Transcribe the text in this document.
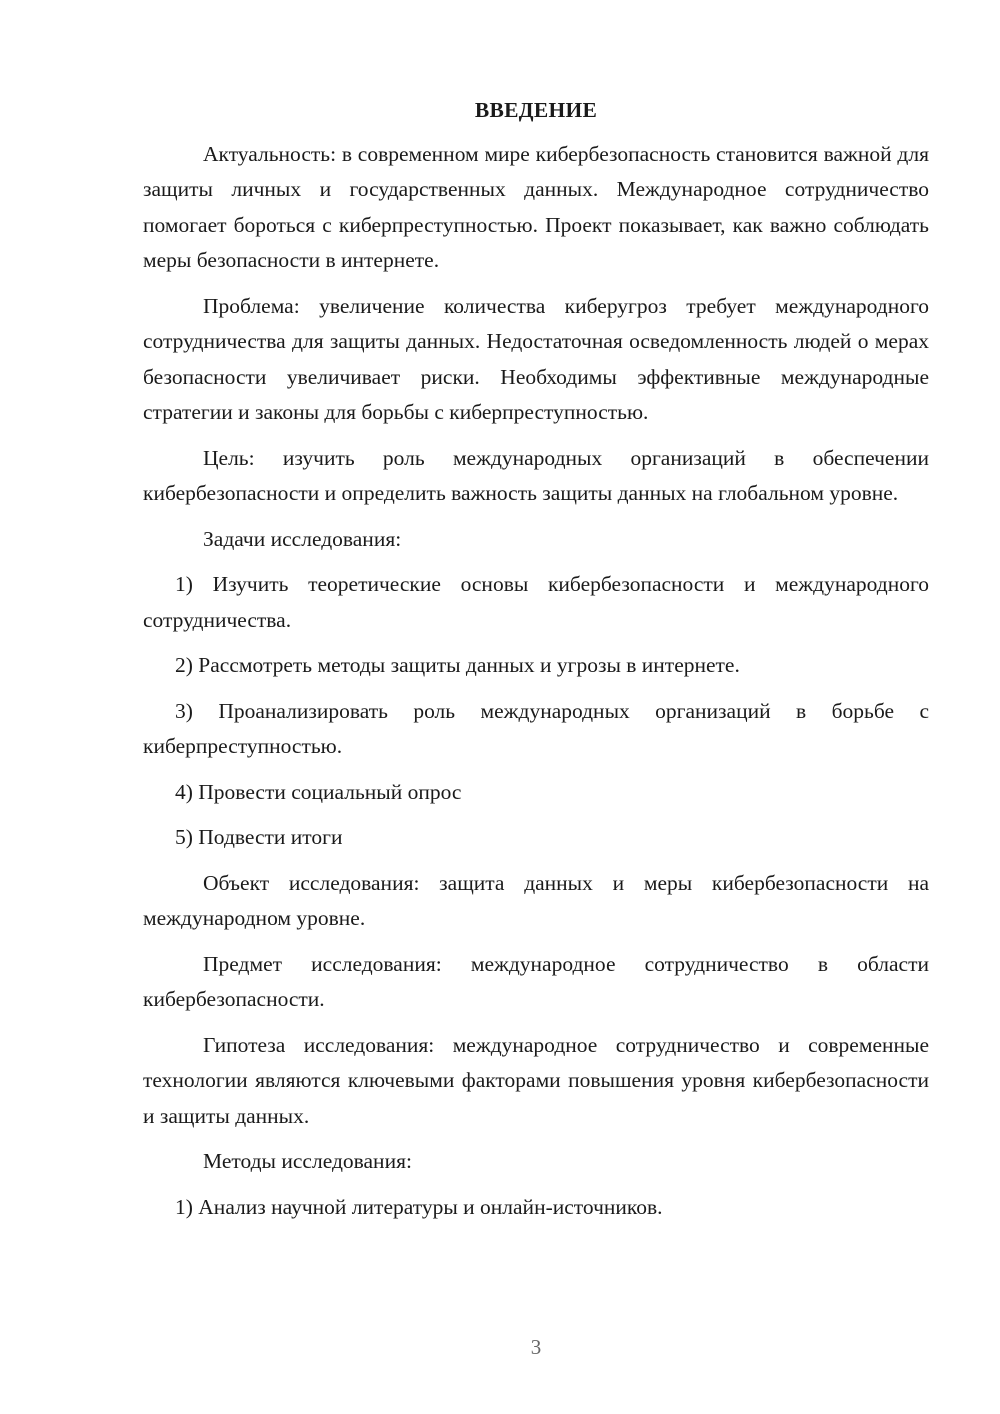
ВВЕДЕНИЕ

Актуальность: в современном мире кибербезопасность становится важной для защиты личных и государственных данных. Международное сотрудничество помогает бороться с киберпреступностью. Проект показывает, как важно соблюдать меры безопасности в интернете.

Проблема: увеличение количества киберугроз требует международного сотрудничества для защиты данных. Недостаточная осведомленность людей о мерах безопасности увеличивает риски. Необходимы эффективные международные стратегии и законы для борьбы с киберпреступностью.

Цель: изучить роль международных организаций в обеспечении кибербезопасности и определить важность защиты данных на глобальном уровне.

Задачи исследования:

1) Изучить теоретические основы кибербезопасности и международного сотрудничества.

2) Рассмотреть методы защиты данных и угрозы в интернете.

3) Проанализировать роль международных организаций в борьбе с киберпреступностью.

4) Провести социальный опрос

5) Подвести итоги

Объект исследования: защита данных и меры кибербезопасности на международном уровне.

Предмет исследования: международное сотрудничество в области кибербезопасности.

Гипотеза исследования: международное сотрудничество и современные технологии являются ключевыми факторами повышения уровня кибербезопасности и защиты данных.

Методы исследования:

1) Анализ научной литературы и онлайн-источников.

3
